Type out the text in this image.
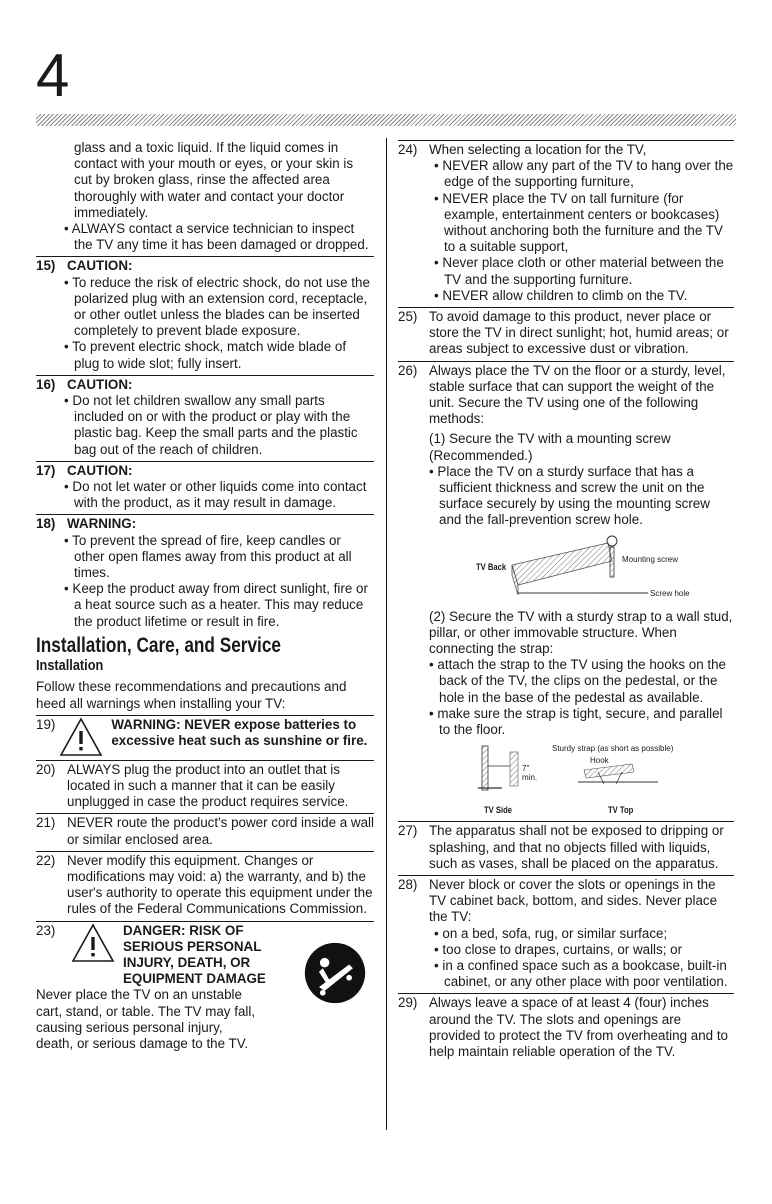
4

glass and a toxic liquid. If the liquid comes in contact with your mouth or eyes, or your skin is cut by broken glass, rinse the affected area thoroughly with water and contact your doctor immediately.

• ALWAYS contact a service technician to inspect the TV any time it has been damaged or dropped.

15) CAUTION:

• To reduce the risk of electric shock, do not use the polarized plug with an extension cord, receptacle, or other outlet unless the blades can be inserted completely to prevent blade exposure.

• To prevent electric shock, match wide blade of plug to wide slot; fully insert.

16) CAUTION:

• Do not let children swallow any small parts included on or with the product or play with the plastic bag. Keep the small parts and the plastic bag out of the reach of children.

17) CAUTION:

• Do not let water or other liquids come into contact with the product, as it may result in damage.

18) WARNING:

• To prevent the spread of fire, keep candles or other open flames away from this product at all times.

• Keep the product away from direct sunlight, fire or a heat source such as a heater. This may reduce the product lifetime or result in fire.

Installation, Care, and Service
Installation

Follow these recommendations and precautions and heed all warnings when installing your TV:

19)	WARNING: NEVER expose batteries to excessive heat such as sunshine or fire.

20) ALWAYS plug the product into an outlet that is located in such a manner that it can be easily unplugged in case the product requires service.

21) NEVER route the product's power cord inside a wall or similar enclosed area.

22) Never modify this equipment. Changes or modifications may void: a) the warranty, and b) the user's authority to operate this equipment under the rules of the Federal Communications Commission.

23)	DANGER: RISK OF SERIOUS PERSONAL INJURY, DEATH, OR EQUIPMENT DAMAGE

Never place the TV on an unstable cart, stand, or table. The TV may fall, causing serious personal injury, death, or serious damage to the TV.

24) When selecting a location for the TV,

• NEVER allow any part of the TV to hang over the edge of the supporting furniture,

• NEVER place the TV on tall furniture (for example, entertainment centers or bookcases) without anchoring both the furniture and the TV to a suitable support,

• Never place cloth or other material between the TV and the supporting furniture.

• NEVER allow children to climb on the TV.

25) To avoid damage to this product, never place or store the TV in direct sunlight; hot, humid areas; or areas subject to excessive dust or vibration.

26) Always place the TV on the floor or a sturdy, level, stable surface that can support the weight of the unit. Secure the TV using one of the following methods:

(1) Secure the TV with a mounting screw (Recommended.)

• Place the TV on a sturdy surface that has a sufficient thickness and screw the unit on the surface securely by using the mounting screw and the fall-prevention screw hole.

TV Back
Mounting screw
Screw hole

(2) Secure the TV with a sturdy strap to a wall stud, pillar, or other immovable structure. When connecting the strap:

• attach the strap to the TV using the hooks on the back of the TV, the clips on the pedestal, or the hole in the base of the pedestal as available.

• make sure the strap is tight, secure, and parallel to the floor.

Sturdy strap (as short as possible)
Hook
7" min.
TV Side	TV Top

27) The apparatus shall not be exposed to dripping or splashing, and that no objects filled with liquids, such as vases, shall be placed on the apparatus.

28) Never block or cover the slots or openings in the TV cabinet back, bottom, and sides. Never place the TV:

• on a bed, sofa, rug, or similar surface;

• too close to drapes, curtains, or walls; or

• in a confined space such as a bookcase, built-in cabinet, or any other place with poor ventilation.

29) Always leave a space of at least 4 (four) inches around the TV. The slots and openings are provided to protect the TV from overheating and to help maintain reliable operation of the TV.
